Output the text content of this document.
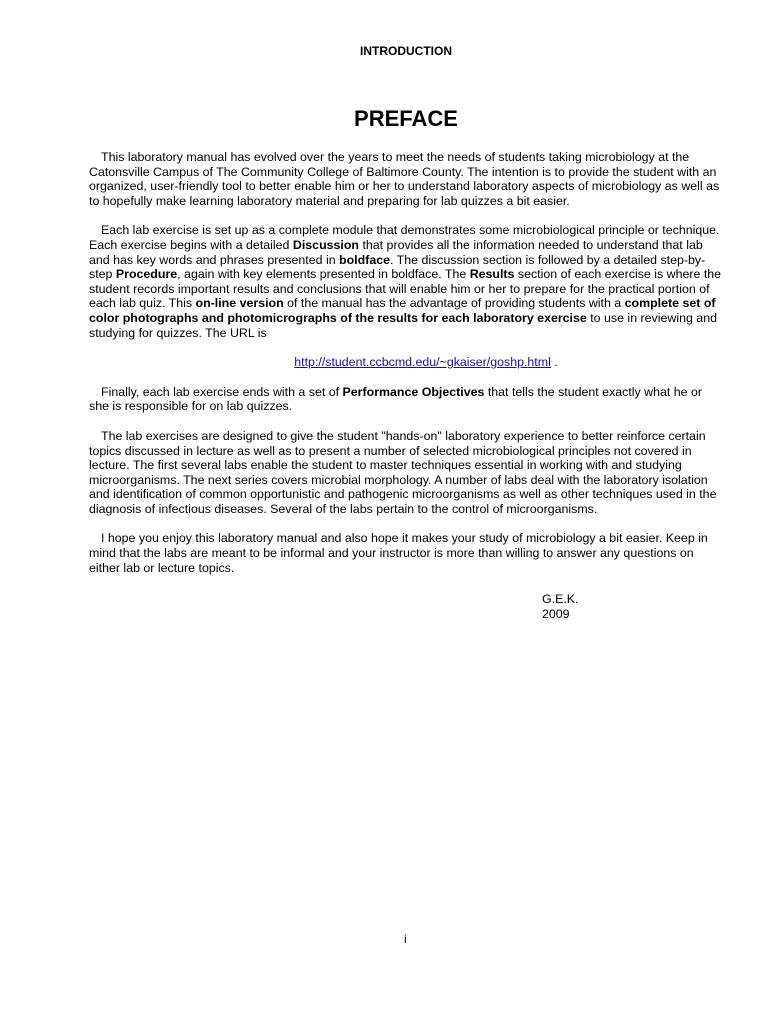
INTRODUCTION
PREFACE

This laboratory manual has evolved over the years to meet the needs of students taking microbiology at the Catonsville Campus of The Community College of Baltimore County. The intention is to provide the student with an organized, user-friendly tool to better enable him or her to understand laboratory aspects of microbiology as well as to hopefully make learning laboratory material and preparing for lab quizzes a bit easier.

Each lab exercise is set up as a complete module that demonstrates some microbiological principle or technique. Each exercise begins with a detailed Discussion that provides all the information needed to understand that lab and has key words and phrases presented in boldface. The discussion section is followed by a detailed step-by-step Procedure, again with key elements presented in boldface. The Results section of each exercise is where the student records important results and conclusions that will enable him or her to prepare for the practical portion of each lab quiz. This on-line version of the manual has the advantage of providing students with a complete set of color photographs and photomicrographs of the results for each laboratory exercise to use in reviewing and studying for quizzes. The URL is

http://student.ccbcmd.edu/~gkaiser/goshp.html .

Finally, each lab exercise ends with a set of Performance Objectives that tells the student exactly what he or she is responsible for on lab quizzes.

The lab exercises are designed to give the student "hands-on" laboratory experience to better reinforce certain topics discussed in lecture as well as to present a number of selected microbiological principles not covered in lecture. The first several labs enable the student to master techniques essential in working with and studying microorganisms. The next series covers microbial morphology. A number of labs deal with the laboratory isolation and identification of common opportunistic and pathogenic microorganisms as well as other techniques used in the diagnosis of infectious diseases. Several of the labs pertain to the control of microorganisms.

I hope you enjoy this laboratory manual and also hope it makes your study of microbiology a bit easier. Keep in mind that the labs are meant to be informal and your instructor is more than willing to answer any questions on either lab or lecture topics.

G.E.K.
2009
i
